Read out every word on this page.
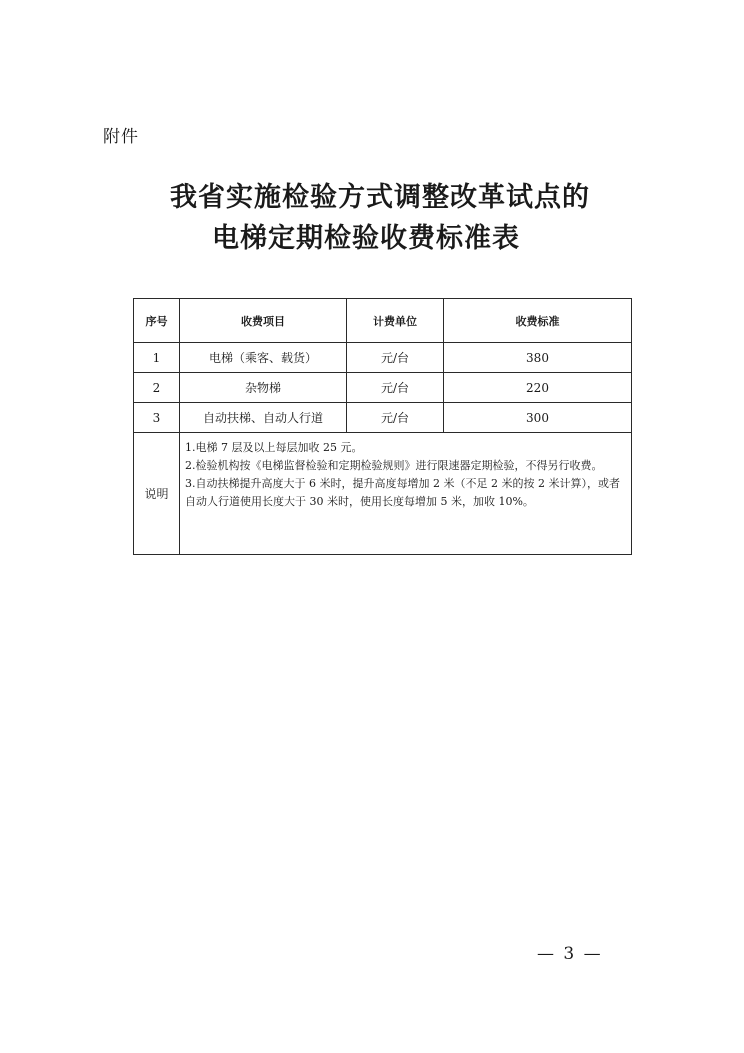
附件
我省实施检验方式调整改革试点的
电梯定期检验收费标准表
序号	收费项目	计费单位	收费标准
1	电梯（乘客、载货）	元/台	380
2	杂物梯	元/台	220
3	自动扶梯、自动人行道	元/台	300
说明	1.电梯 7 层及以上每层加收 25 元。
2.检验机构按《电梯监督检验和定期检验规则》进行限速器定期检验，不得另行收费。
3.自动扶梯提升高度大于 6 米时，提升高度每增加 2 米（不足 2 米的按 2 米计算），或者自动人行道使用长度大于 30 米时，使用长度每增加 5 米，加收 10%。		
— 3 —
